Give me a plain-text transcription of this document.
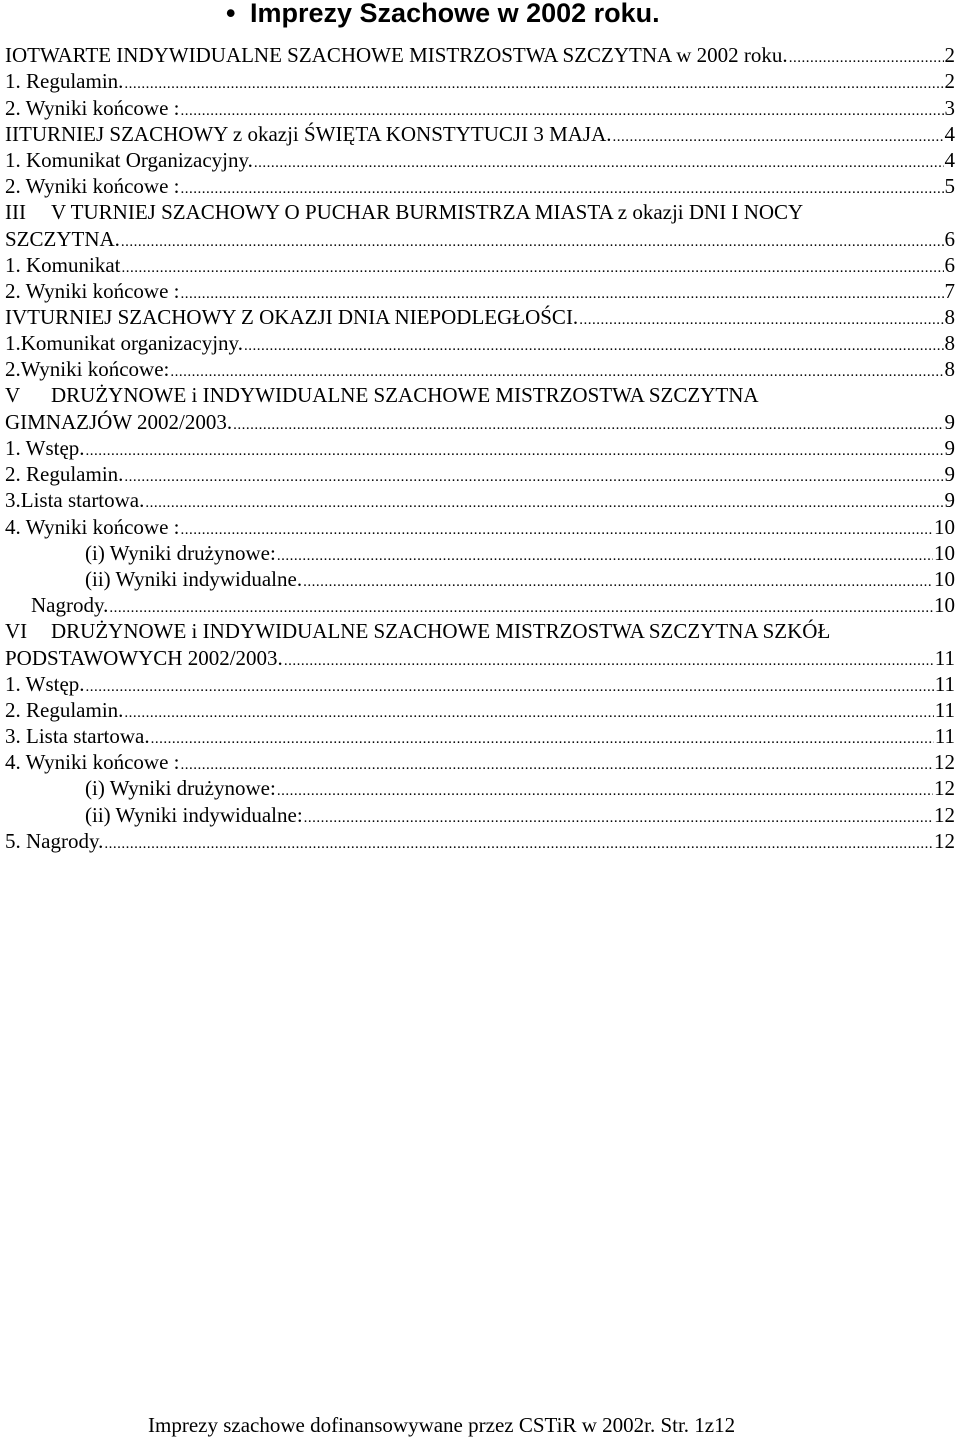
• Imprezy Szachowe w 2002 roku.
I OTWARTE INDYWIDUALNE SZACHOWE MISTRZOSTWA SZCZYTNA w 2002 roku. .....	2
1. Regulamin. .....	2
2. Wyniki końcowe : .....	3
II TURNIEJ SZACHOWY z okazji ŚWIĘTA KONSTYTUCJI 3 MAJA. .....	4
1. Komunikat Organizacyjny. .....	4
2. Wyniki końcowe : .....	5
III V TURNIEJ SZACHOWY O PUCHAR BURMISTRZA MIASTA z okazji DNI I NOCY
SZCZYTNA. .....	6
1. Komunikat .....	6
2. Wyniki końcowe : .....	7
IV TURNIEJ SZACHOWY Z OKAZJI DNIA NIEPODLEGŁOŚCI. .....	8
1.Komunikat organizacyjny. .....	8
2.Wyniki końcowe: .....	8
V DRUŻYNOWE i INDYWIDUALNE SZACHOWE MISTRZOSTWA SZCZYTNA
GIMNAZJÓW 2002/2003. .....	9
1. Wstęp. .....	9
2. Regulamin. .....	9
3.Lista startowa. .....	9
4. Wyniki końcowe : .....	10
(i) Wyniki drużynowe: .....	10
(ii) Wyniki indywidualne. .....	10
Nagrody. .....	10
VI DRUŻYNOWE i INDYWIDUALNE SZACHOWE MISTRZOSTWA SZCZYTNA SZKÓŁ
PODSTAWOWYCH 2002/2003. .....	11
1. Wstęp. .....	11
2. Regulamin. .....	11
3. Lista startowa. .....	11
4. Wyniki końcowe : .....	12
(i) Wyniki drużynowe: .....	12
(ii) Wyniki indywidualne: .....	12
5. Nagrody. .....	12
Imprezy szachowe dofinansowywane przez CSTiR w 2002r. Str. 1z12
